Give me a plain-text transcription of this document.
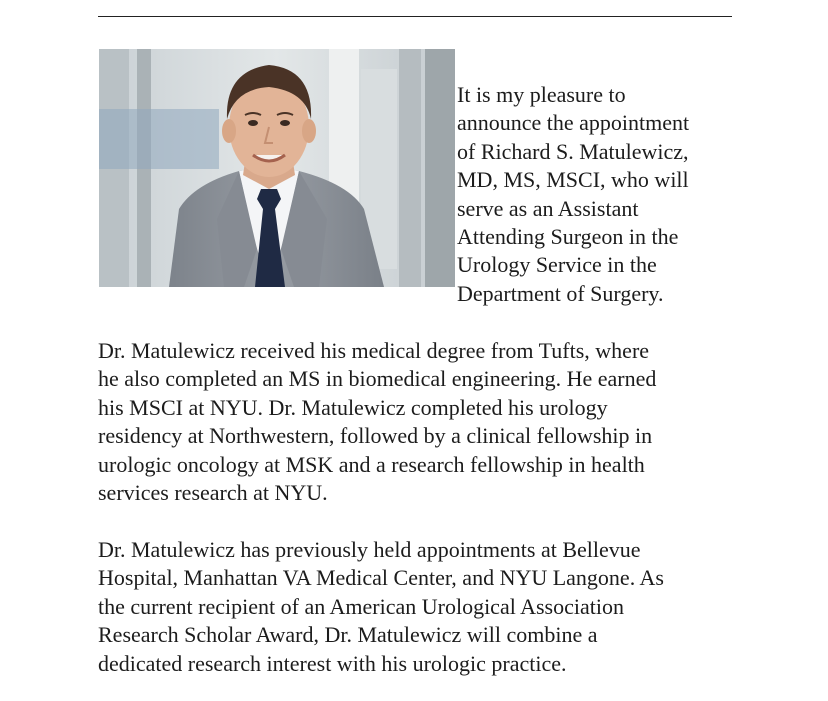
It is my pleasure to
announce the appointment
of Richard S. Matulewicz,
MD, MS, MSCI, who will
serve as an Assistant
Attending Surgeon in the
Urology Service in the
Department of Surgery.
Dr. Matulewicz received his medical degree from Tufts, where
he also completed an MS in biomedical engineering. He earned
his MSCI at NYU. Dr. Matulewicz completed his urology
residency at Northwestern, followed by a clinical fellowship in
urologic oncology at MSK and a research fellowship in health
services research at NYU.
Dr. Matulewicz has previously held appointments at Bellevue
Hospital, Manhattan VA Medical Center, and NYU Langone. As
the current recipient of an American Urological Association
Research Scholar Award, Dr. Matulewicz will combine a
dedicated research interest with his urologic practice.
